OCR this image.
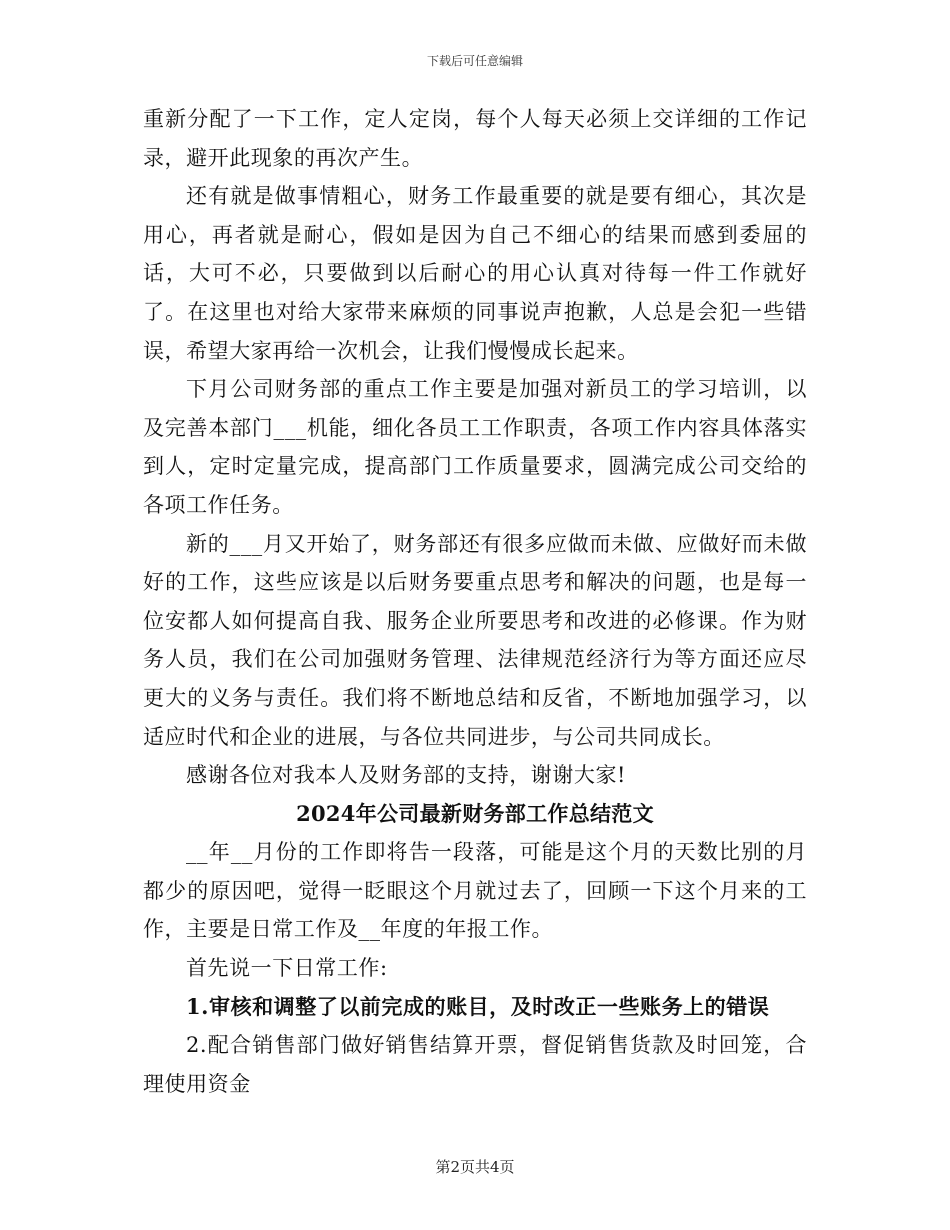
下载后可任意编辑

重新分配了一下工作，定人定岗，每个人每天必须上交详细的工作记录，避开此现象的再次产生。

还有就是做事情粗心，财务工作最重要的就是要有细心，其次是用心，再者就是耐心，假如是因为自己不细心的结果而感到委屈的话，大可不必，只要做到以后耐心的用心认真对待每一件工作就好了。在这里也对给大家带来麻烦的同事说声抱歉，人总是会犯一些错误，希望大家再给一次机会，让我们慢慢成长起来。

下月公司财务部的重点工作主要是加强对新员工的学习培训，以及完善本部门___机能，细化各员工工作职责，各项工作内容具体落实到人，定时定量完成，提高部门工作质量要求，圆满完成公司交给的各项工作任务。

新的___月又开始了，财务部还有很多应做而未做、应做好而未做好的工作，这些应该是以后财务要重点思考和解决的问题，也是每一位安都人如何提高自我、服务企业所要思考和改进的必修课。作为财务人员，我们在公司加强财务管理、法律规范经济行为等方面还应尽更大的义务与责任。我们将不断地总结和反省，不断地加强学习，以适应时代和企业的进展，与各位共同进步，与公司共同成长。

感谢各位对我本人及财务部的支持，谢谢大家!

2024年公司最新财务部工作总结范文

__年__月份的工作即将告一段落，可能是这个月的天数比别的月都少的原因吧，觉得一眨眼这个月就过去了，回顾一下这个月来的工作，主要是日常工作及__年度的年报工作。

首先说一下日常工作:

1.审核和调整了以前完成的账目，及时改正一些账务上的错误

2.配合销售部门做好销售结算开票，督促销售货款及时回笼，合理使用资金

第2页共4页
